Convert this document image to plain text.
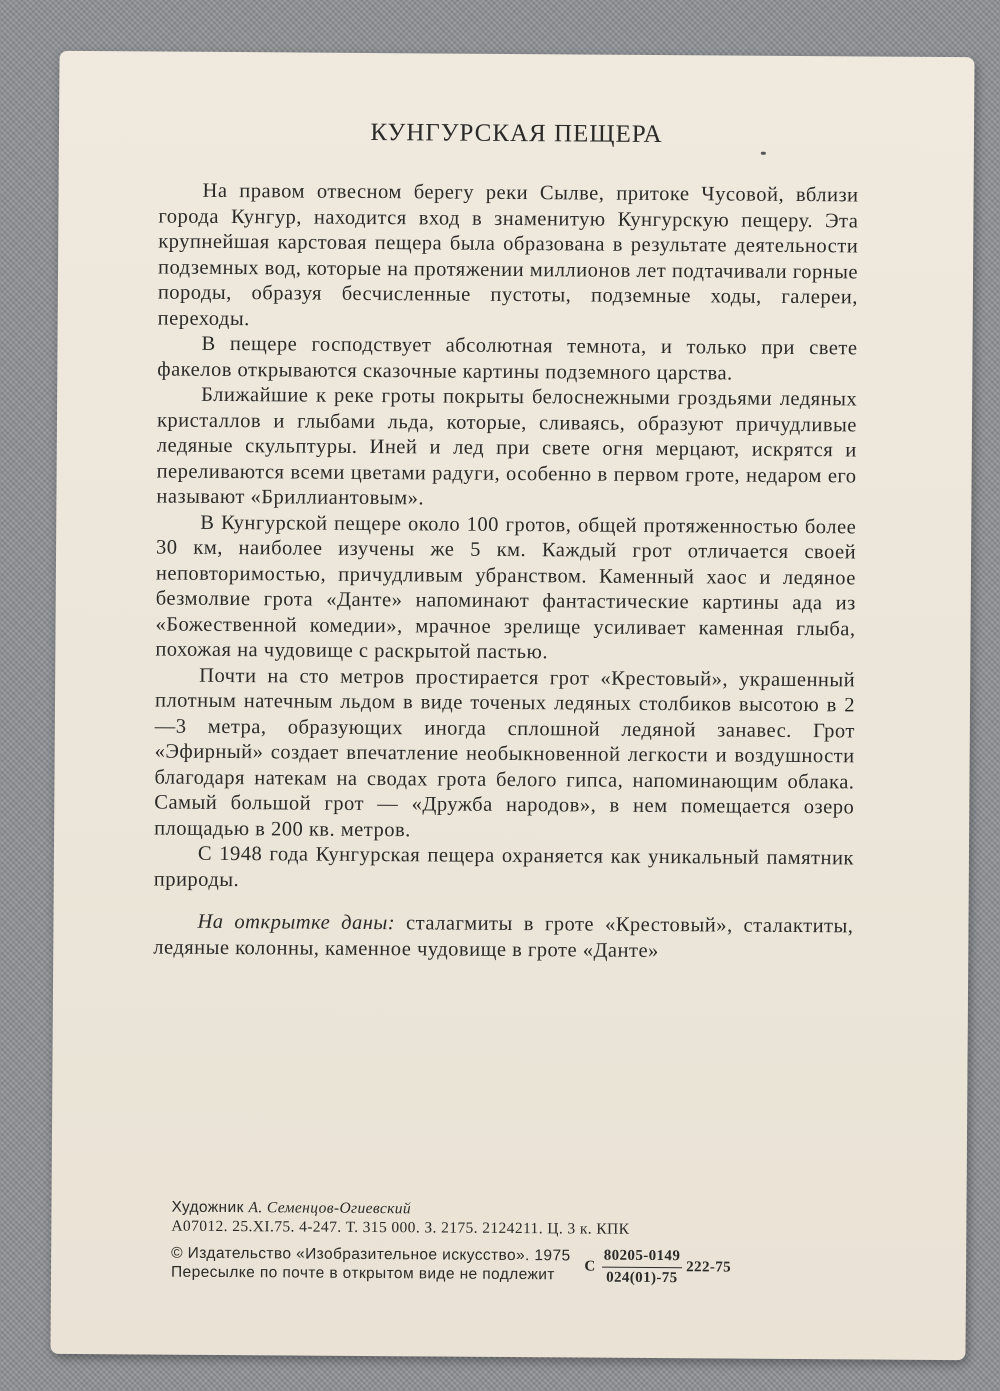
КУНГУРСКАЯ ПЕЩЕРА

На правом отвесном берегу реки Сылве, притоке Чусовой, вблизи города Кунгур, находится вход в знаменитую Кунгурскую пещеру. Эта крупнейшая карстовая пещера была образована в результате деятельности подземных вод, которые на протяжении миллионов лет подтачивали горные породы, образуя бесчисленные пустоты, подземные ходы, галереи, переходы.

В пещере господствует абсолютная темнота, и только при свете факелов открываются сказочные картины подземного царства.

Ближайшие к реке гроты покрыты белоснежными гроздьями ледяных кристаллов и глыбами льда, которые, сливаясь, образуют причудливые ледяные скульптуры. Иней и лед при свете огня мерцают, искрятся и переливаются всеми цветами радуги, особенно в первом гроте, недаром его называют «Бриллиантовым».

В Кунгурской пещере около 100 гротов, общей протяженностью более 30 км, наиболее изучены же 5 км. Каждый грот отличается своей неповторимостью, причудливым убранством. Каменный хаос и ледяное безмолвие грота «Данте» напоминают фантастические картины ада из «Божественной комедии», мрачное зрелище усиливает каменная глыба, похожая на чудовище с раскрытой пастью.

Почти на сто метров простирается грот «Крестовый», украшенный плотным натечным льдом в виде точеных ледяных столбиков высотою в 2—3 метра, образующих иногда сплошной ледяной занавес. Грот «Эфирный» создает впечатление необыкновенной легкости и воздушности благодаря натекам на сводах грота белого гипса, напоминающим облака. Самый большой грот — «Дружба народов», в нем помещается озеро площадью в 200 кв. метров.

С 1948 года Кунгурская пещера охраняется как уникальный памятник природы.

На открытке даны: сталагмиты в гроте «Крестовый», сталактиты, ледяные колонны, каменное чудовище в гроте «Данте»

Художник А. Семенцов-Огиевский
А07012. 25.XI.75. 4-247. Т. 315 000. З. 2175. 2124211. Ц. 3 к. КПК
© Издательство «Изобразительное искусство». 1975
Пересылке по почте в открытом виде не подлежит	С $\frac{80205-0149}{024(01)-75} 222-75$
